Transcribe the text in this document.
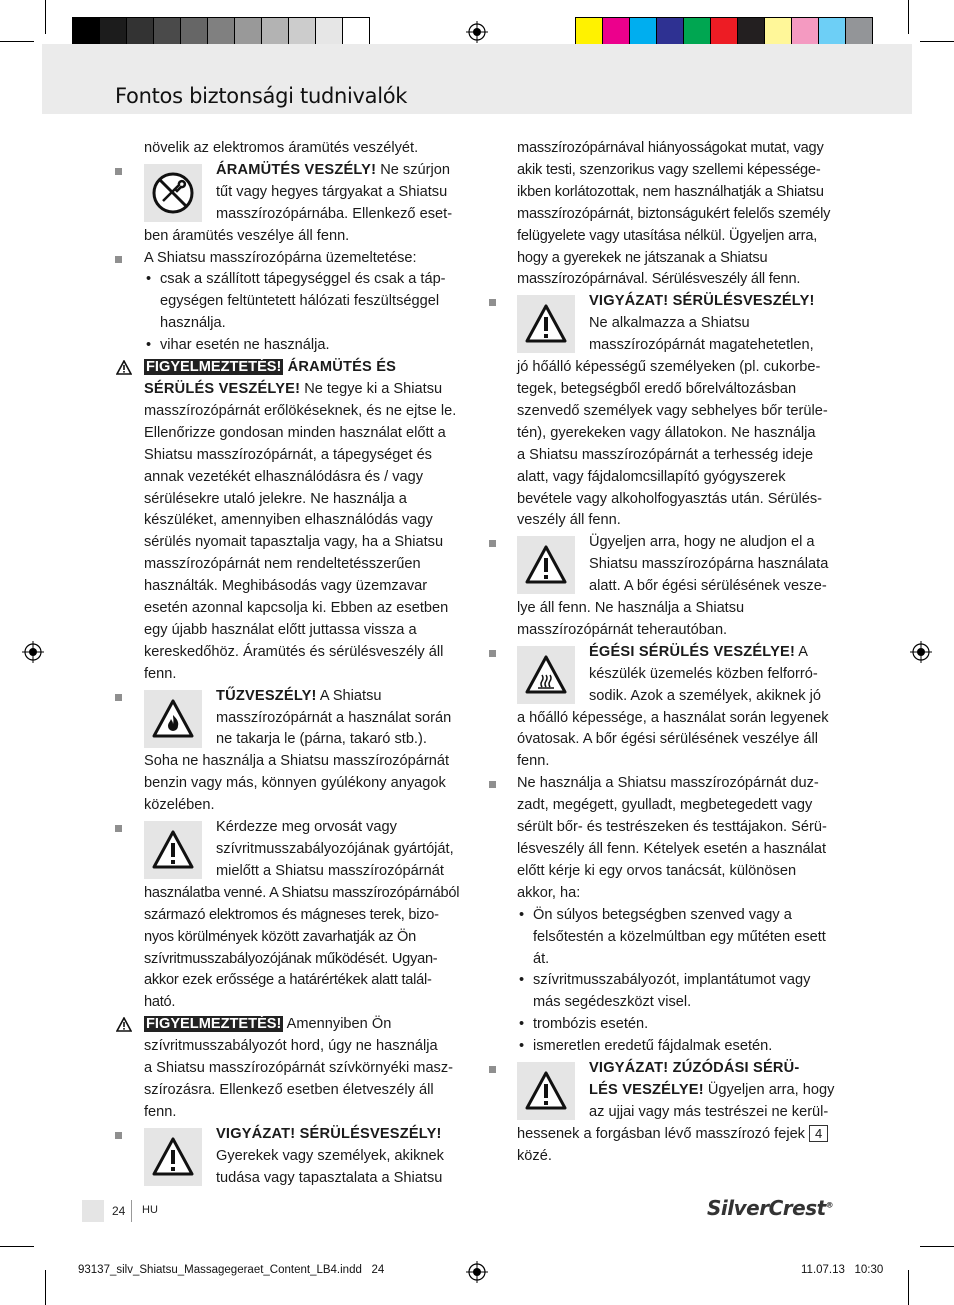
Fontos biztonsági tudnivalók

növelik az elektromos áramütés veszélyét.

ÁRAMÜTÉS VESZÉLY! Ne szúrjon

tűt vagy hegyes tárgyakat a Shiatsu

masszírozópárnába. Ellenkező eset-

ben áramütés veszélye áll fenn.

A Shiatsu masszírozópárna üzemeltetése:

• csak a szállított tápegységgel és csak a táp-

egységen feltüntetett hálózati feszültséggel

használja.

• vihar esetén ne használja.

FIGYELMEZTETÉS! ÁRAMÜTÉS ÉS

SÉRÜLÉS VESZÉLYE! Ne tegye ki a Shiatsu

masszírozópárnát erőlökéseknek, és ne ejtse le.

Ellenőrizze gondosan minden használat előtt a

Shiatsu masszírozópárnát, a tápegységet és

annak vezetékét elhasználódásra és / vagy

sérülésekre utaló jelekre. Ne használja a

készüléket, amennyiben elhasználódás vagy

sérülés nyomait tapasztalja vagy, ha a Shiatsu

masszírozópárnát nem rendeltetésszerűen

használták. Meghibásodás vagy üzemzavar

esetén azonnal kapcsolja ki. Ebben az esetben

egy újabb használat előtt juttassa vissza a

kereskedőhöz. Áramütés és sérülésveszély áll

fenn.

TŰZVESZÉLY! A Shiatsu

masszírozópárnát a használat során

ne takarja le (párna, takaró stb.).

Soha ne használja a Shiatsu masszírozópárnát

benzin vagy más, könnyen gyúlékony anyagok

közelében.

Kérdezze meg orvosát vagy

szívritmusszabályozójának gyártóját,

mielőtt a Shiatsu masszírozópárnát

használatba venné. A Shiatsu masszírozópárnából

származó elektromos és mágneses terek, bizo-

nyos körülmények között zavarhatják az Ön

szívritmusszabályozójának működését. Ugyan-

akkor ezek erőssége a határértékek alatt talál-

ható.

FIGYELMEZTETÉS! Amennyiben Ön

szívritmusszabályozót hord, úgy ne használja

a Shiatsu masszírozópárnát szívkörnyéki masz-

szírozásra. Ellenkező esetben életveszély áll

fenn.

VIGYÁZAT! SÉRÜLÉSVESZÉLY!

Gyerekek vagy személyek, akiknek

tudása vagy tapasztalata a Shiatsu

masszírozópárnával hiányosságokat mutat, vagy

akik testi, szenzorikus vagy szellemi képessége-

ikben korlátozottak, nem használhatják a Shiatsu

masszírozópárnát, biztonságukért felelős személy

felügyelete vagy utasítása nélkül. Ügyeljen arra,

hogy a gyerekek ne játszanak a Shiatsu

masszírozópárnával. Sérülésveszély áll fenn.

VIGYÁZAT! SÉRÜLÉSVESZÉLY!

Ne alkalmazza a Shiatsu

masszírozópárnát magatehetetlen,

jó hőálló képességű személyeken (pl. cukorbe-

tegek, betegségből eredő bőrelváltozásban

szenvedő személyek vagy sebhelyes bőr terüle-

tén), gyerekeken vagy állatokon. Ne használja

a Shiatsu masszírozópárnát a terhesség ideje

alatt, vagy fájdalomcsillapító gyógyszerek

bevétele vagy alkoholfogyasztás után. Sérülés-

veszély áll fenn.

Ügyeljen arra, hogy ne aludjon el a

Shiatsu masszírozópárna használata

alatt. A bőr égési sérülésének vesze-

lye áll fenn. Ne használja a Shiatsu

masszírozópárnát teherautóban.

ÉGÉSI SÉRÜLÉS VESZÉLYE! A

készülék üzemelés közben felforró-

sodik. Azok a személyek, akiknek jó

a hőálló képessége, a használat során legyenek

óvatosak. A bőr égési sérülésének veszélye áll

fenn.

Ne használja a Shiatsu masszírozópárnát duz-

zadt, megégett, gyulladt, megbetegedett vagy

sérült bőr- és testrészeken és testtájakon. Sérü-

lésveszély áll fenn. Kételyek esetén a használat

előtt kérje ki egy orvos tanácsát, különösen

akkor, ha:

• Ön súlyos betegségben szenved vagy a

felsőtestén a közelmúltban egy műtéten esett

át.

• szívritmusszabályozót, implantátumot vagy

más segédeszközt visel.

• trombózis esetén.

• ismeretlen eredetű fájdalmak esetén.

VIGYÁZAT! ZÚZÓDÁSI SÉRÜ-

LÉS VESZÉLYE! Ügyeljen arra, hogy

az ujjai vagy más testrészei ne kerül-

hessenek a forgásban lévő masszírozó fejek 4

közé.

24 HU	SilverCrest®
93137_silv_Shiatsu_Massagegeraet_Content_LB4.indd   24	11.07.13   10:30
